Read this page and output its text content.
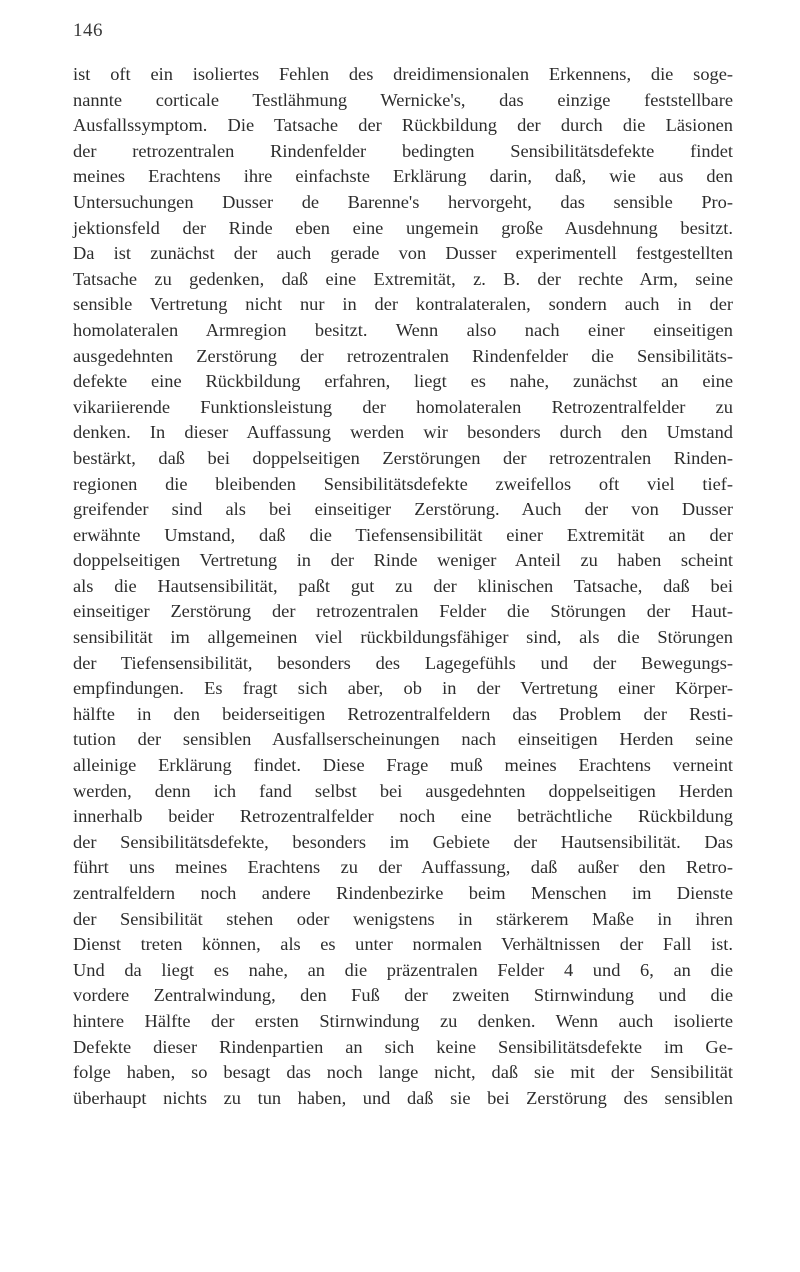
146
ist oft ein isoliertes Fehlen des dreidimensionalen Erkennens, die soge-
nannte corticale Testlähmung Wernicke's, das einzige feststellbare
Ausfallssymptom. Die Tatsache der Rückbildung der durch die Läsionen
der retrozentralen Rindenfelder bedingten Sensibilitätsdefekte findet
meines Erachtens ihre einfachste Erklärung darin, daß, wie aus den
Untersuchungen Dusser de Barenne's hervorgeht, das sensible Pro-
jektionsfeld der Rinde eben eine ungemein große Ausdehnung besitzt.
Da ist zunächst der auch gerade von Dusser experimentell festgestellten
Tatsache zu gedenken, daß eine Extremität, z. B. der rechte Arm, seine
sensible Vertretung nicht nur in der kontralateralen, sondern auch in der
homolateralen Armregion besitzt. Wenn also nach einer einseitigen
ausgedehnten Zerstörung der retrozentralen Rindenfelder die Sensibilitäts-
defekte eine Rückbildung erfahren, liegt es nahe, zunächst an eine
vikariierende Funktionsleistung der homolateralen Retrozentralfelder zu
denken. In dieser Auffassung werden wir besonders durch den Umstand
bestärkt, daß bei doppelseitigen Zerstörungen der retrozentralen Rinden-
regionen die bleibenden Sensibilitätsdefekte zweifellos oft viel tief-
greifender sind als bei einseitiger Zerstörung. Auch der von Dusser
erwähnte Umstand, daß die Tiefensensibilität einer Extremität an der
doppelseitigen Vertretung in der Rinde weniger Anteil zu haben scheint
als die Hautsensibilität, paßt gut zu der klinischen Tatsache, daß bei
einseitiger Zerstörung der retrozentralen Felder die Störungen der Haut-
sensibilität im allgemeinen viel rückbildungsfähiger sind, als die Störungen
der Tiefensensibilität, besonders des Lagegefühls und der Bewegungs-
empfindungen. Es fragt sich aber, ob in der Vertretung einer Körper-
hälfte in den beiderseitigen Retrozentralfeldern das Problem der Resti-
tution der sensiblen Ausfallserscheinungen nach einseitigen Herden seine
alleinige Erklärung findet. Diese Frage muß meines Erachtens verneint
werden, denn ich fand selbst bei ausgedehnten doppelseitigen Herden
innerhalb beider Retrozentralfelder noch eine beträchtliche Rückbildung
der Sensibilitätsdefekte, besonders im Gebiete der Hautsensibilität. Das
führt uns meines Erachtens zu der Auffassung, daß außer den Retro-
zentralfeldern noch andere Rindenbezirke beim Menschen im Dienste
der Sensibilität stehen oder wenigstens in stärkerem Maße in ihren
Dienst treten können, als es unter normalen Verhältnissen der Fall ist.
Und da liegt es nahe, an die präzentralen Felder 4 und 6, an die
vordere Zentralwindung, den Fuß der zweiten Stirnwindung und die
hintere Hälfte der ersten Stirnwindung zu denken. Wenn auch isolierte
Defekte dieser Rindenpartien an sich keine Sensibilitätsdefekte im Ge-
folge haben, so besagt das noch lange nicht, daß sie mit der Sensibilität
überhaupt nichts zu tun haben, und daß sie bei Zerstörung des sensiblen
